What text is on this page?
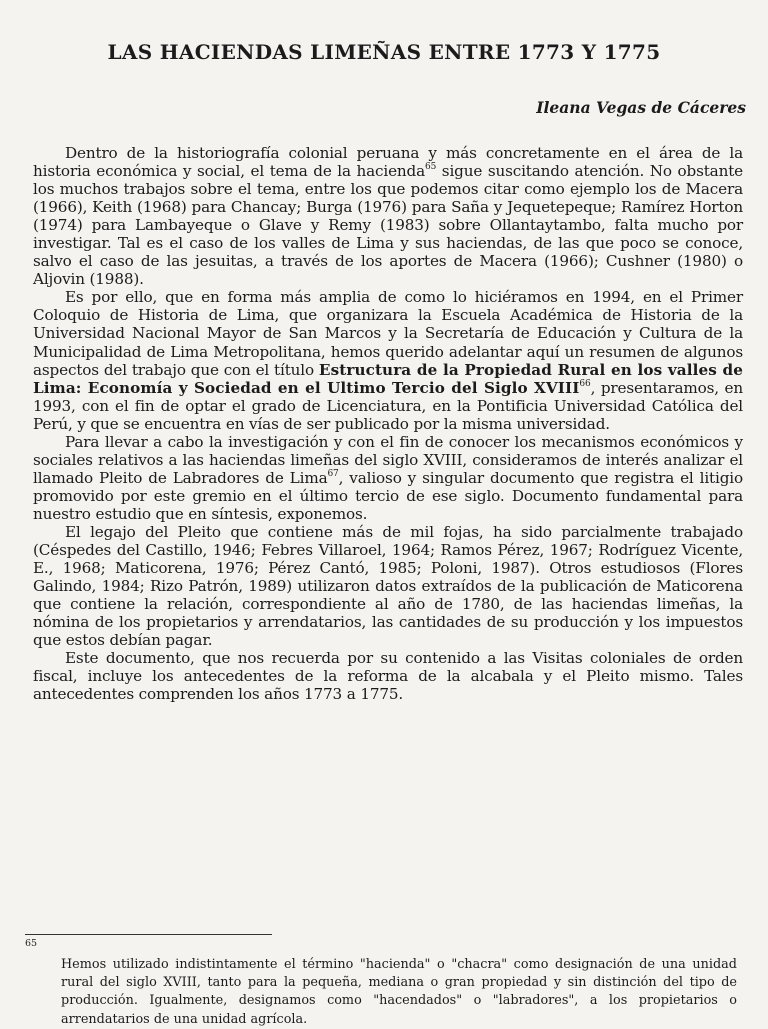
LAS HACIENDAS LIMEÑAS ENTRE 1773 Y 1775

Ileana Vegas de Cáceres

Dentro de la historiografía colonial peruana y más concretamente en el área de la historia económica y social, el tema de la hacienda$^{65}$ sigue suscitando atención. No obstante los muchos trabajos sobre el tema, entre los que podemos citar como ejemplo los de Macera (1966), Keith (1968) para Chancay; Burga (1976) para Saña y Jequetepeque; Ramírez Horton (1974) para Lambayeque o Glave y Remy (1983) sobre Ollantaytambo, falta mucho por investigar. Tal es el caso de los valles de Lima y sus haciendas, de las que poco se conoce, salvo el caso de las jesuitas, a través de los aportes de Macera (1966); Cushner (1980) o Aljovin (1988).

Es por ello, que en forma más amplia de como lo hiciéramos en 1994, en el Primer Coloquio de Historia de Lima, que organizara la Escuela Académica de Historia de la Universidad Nacional Mayor de San Marcos y la Secretaría de Educación y Cultura de la Municipalidad de Lima Metropolitana, hemos querido adelantar aquí un resumen de algunos aspectos del trabajo que con el título Estructura de la Propiedad Rural en los valles de Lima: Economía y Sociedad en el Ultimo Tercio del Siglo XVIII$^{66}$, presentaramos, en 1993, con el fin de optar el grado de Licenciatura, en la Pontificia Universidad Católica del Perú, y que se encuentra en vías de ser publicado por la misma universidad.

Para llevar a cabo la investigación y con el fin de conocer los mecanismos económicos y sociales relativos a las haciendas limeñas del siglo XVIII, consideramos de interés analizar el llamado Pleito de Labradores de Lima$^{67}$, valioso y singular documento que registra el litigio promovido por este gremio en el último tercio de ese siglo. Documento fundamental para nuestro estudio que en síntesis, exponemos.

El legajo del Pleito que contiene más de mil fojas, ha sido parcialmente trabajado (Céspedes del Castillo, 1946; Febres Villaroel, 1964; Ramos Pérez, 1967; Rodríguez Vicente, E., 1968; Maticorena, 1976; Pérez Cantó, 1985; Poloni, 1987). Otros estudiosos (Flores Galindo, 1984; Rizo Patrón, 1989) utilizaron datos extraídos de la publicación de Maticorena que contiene la relación, correspondiente al año de 1780, de las haciendas limeñas, la nómina de los propietarios y arrendatarios, las cantidades de su producción y los impuestos que estos debían pagar.

Este documento, que nos recuerda por su contenido a las Visitas coloniales de orden fiscal, incluye los antecedentes de la reforma de la alcabala y el Pleito mismo. Tales antecedentes comprenden los años 1773 a 1775.

65

Hemos utilizado indistintamente el término "hacienda" o "chacra" como designación de una unidad rural del siglo XVIII, tanto para la pequeña, mediana o gran propiedad y sin distinción del tipo de producción. Igualmente, designamos como "hacendados" o "labradores", a los propietarios o arrendatarios de una unidad agrícola.
